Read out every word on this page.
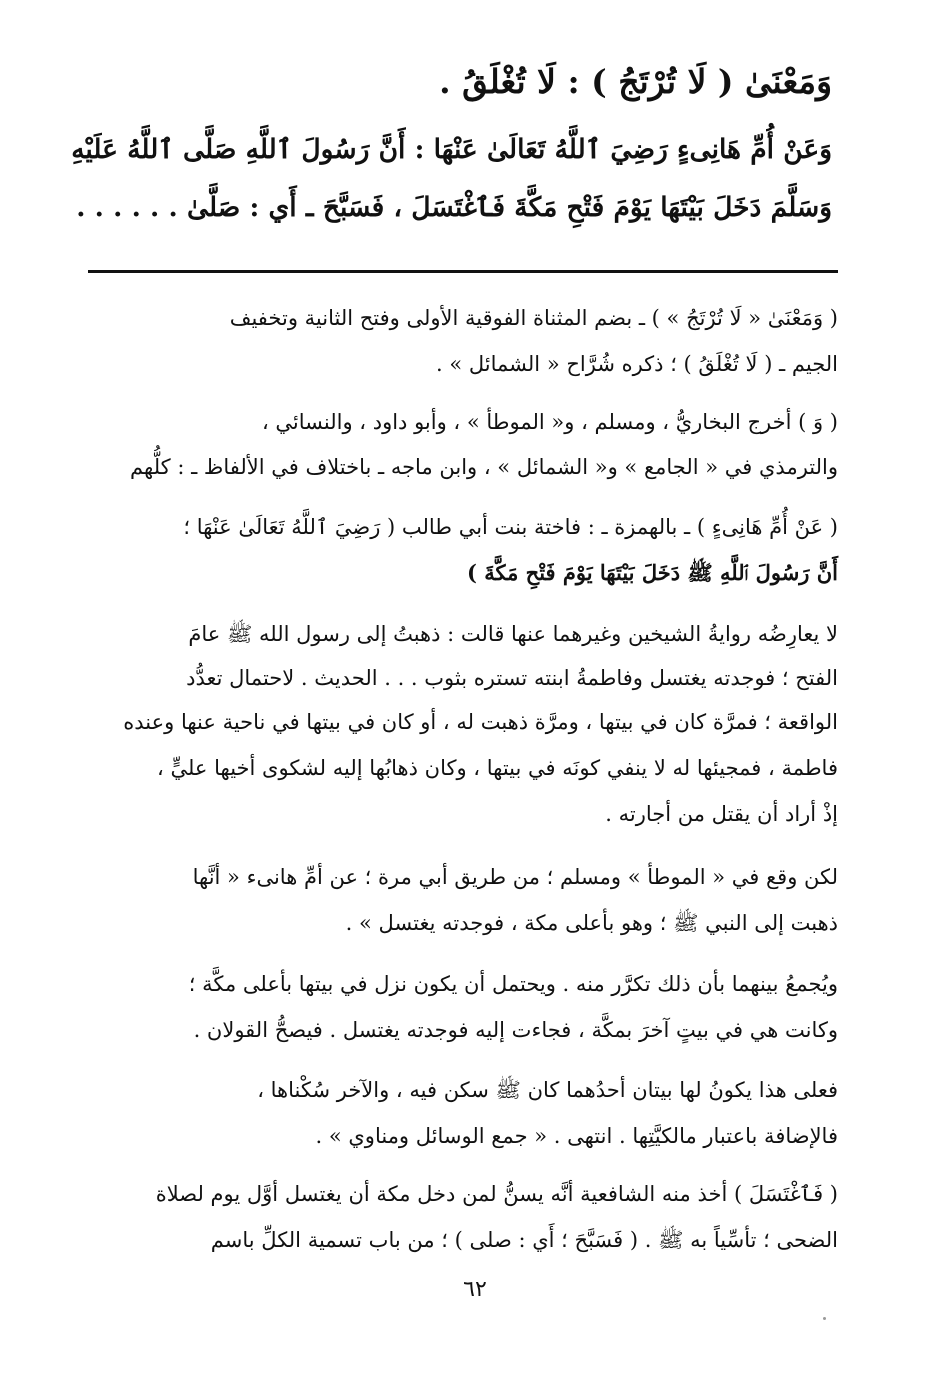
وَمَعْنَىٰ ( لَا تُرْتَجُ ) : لَا تُغْلَقُ .
وَعَنْ أُمِّ هَانِىءٍ رَضِيَ ٱللَّهُ تَعَالَىٰ عَنْهَا : أَنَّ رَسُولَ ٱللَّهِ صَلَّى ٱللَّهُ عَلَيْهِ
وَسَلَّمَ دَخَلَ بَيْتَهَا يَوْمَ فَتْحِ مَكَّةَ فَٱغْتَسَلَ ، فَسَبَّحَ ـ أَي : صَلَّىٰ . . . . . .
( وَمَعْنَىٰ « لَا تُرْتَجُ » ) ـ بضم المثناة الفوقية الأولى وفتح الثانية وتخفيف
الجيم ـ ( لَا تُغْلَقُ ) ؛ ذكره شُرَّاح « الشمائل » .
( وَ ) أخرج البخاريُّ ، ومسلم ، و« الموطأ » ، وأبو داود ، والنسائي ،
والترمذي في « الجامع » و« الشمائل » ، وابن ماجه ـ باختلاف في الألفاظ ـ : كلُّهم
( عَنْ أُمِّ هَانِىءٍ ) ـ بالهمزة ـ : فاختة بنت أبي طالب ( رَضِيَ ٱللَّهُ تَعَالَىٰ عَنْهَا ؛
أَنَّ رَسُولَ ٱللَّهِ ﷺ دَخَلَ بَيْتَهَا يَوْمَ فَتْحِ مَكَّةَ )
لا يعارِضُه روايةُ الشيخين وغيرهما عنها قالت : ذهبتُ إلى رسول الله ﷺ عامَ
الفتح ؛ فوجدته يغتسل وفاطمةُ ابنته تستره بثوب . . . الحديث . لاحتمال تعدُّد
الواقعة ؛ فمرَّة كان في بيتها ، ومرَّة ذهبت له ، أو كان في بيتها في ناحية عنها وعنده
فاطمة ، فمجيئها له لا ينفي كونَه في بيتها ، وكان ذهابُها إليه لشكوى أخيها عليٍّ ،
إذْ أراد أن يقتل من أجارته .
لكن وقع في « الموطأ » ومسلم ؛ من طريق أبي مرة ؛ عن أمِّ هانىء « أنَّها
ذهبت إلى النبي ﷺ ؛ وهو بأعلى مكة ، فوجدته يغتسل » .
ويُجمعُ بينهما بأن ذلك تكرَّر منه . ويحتمل أن يكون نزل في بيتها بأعلى مكَّة ؛
وكانت هي في بيتٍ آخرَ بمكَّة ، فجاءت إليه فوجدته يغتسل . فيصحُّ القولان .
فعلى هذا يكونُ لها بيتان أحدُهما كان ﷺ سكن فيه ، والآخر سُكْناها ،
فالإضافة باعتبار مالكيَّتِها . انتهى . « جمع الوسائل ومناوي » .
( فَٱغْتَسَلَ ) أخذ منه الشافعية أنَّه يسنُّ لمن دخل مكة أن يغتسل أوَّل يوم لصلاة
الضحى ؛ تأسِّياً به ﷺ . ( فَسَبَّحَ ؛ أَي : صلى ) ؛ من باب تسمية الكلِّ باسم
٦٢
